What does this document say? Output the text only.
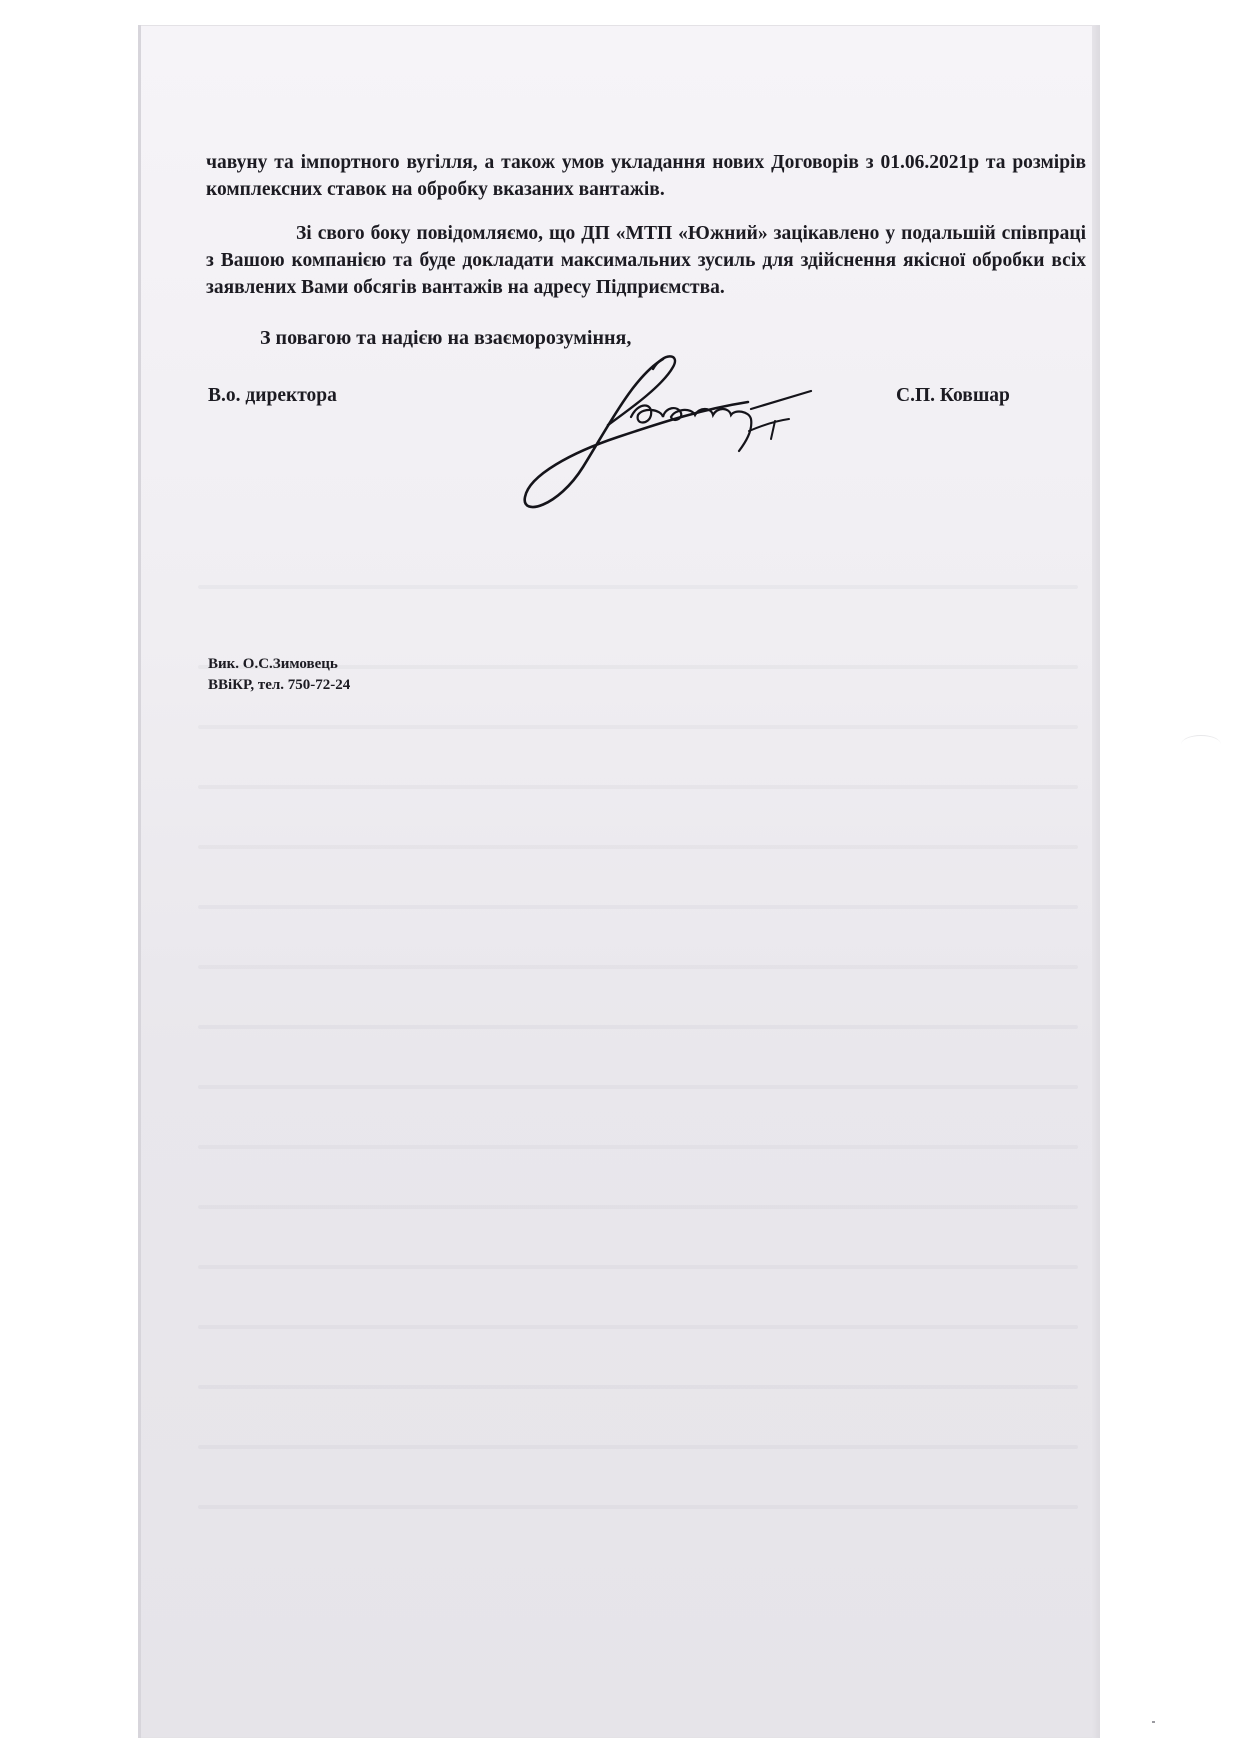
чавуну та імпортного вугілля, а також умов укладання нових Договорів з 01.06.2021р та розмірів комплексних ставок на обробку вказаних вантажів.
Зі свого боку повідомляємо, що ДП «МТП «Южний» зацікавлено у подальшій співпраці з Вашою компанією та буде докладати максимальних зусиль для здійснення якісної обробки всіх заявлених Вами обсягів вантажів на адресу Підприємства.
З повагою та надією на взаєморозуміння,
В.о. директора	С.П. Ковшар
Вик. О.С.Зимовець
ВВіКР, тел. 750-72-24
